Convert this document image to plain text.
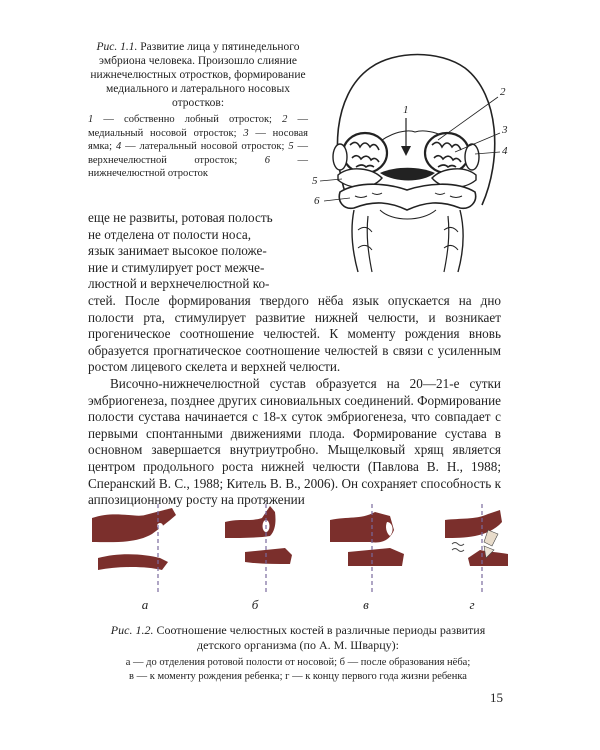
Рис. 1.1. Развитие лица у пятинедельного эмбриона человека. Произошло слияние нижнечелюстных отростков, формирование медиального и латерального носовых отростков:
1 — собственно лобный отросток; 2 — медиальный носовой отросток; 3 — носовая ямка; 4 — латеральный носовой отросток; 5 — верхнечелюстной отросток; 6 — нижнечелюстной отросток
1
2
3
4
5
6
еще не развиты, ротовая полость
не отделена от полости носа,
язык занимает высокое положе-
ние и стимулирует рост межче-
люстной и верхнечелюстной ко-

стей. После формирования твердого нёба язык опускается на дно полости рта, стимулирует развитие нижней челюсти, и возникает прогеническое соотношение челюстей. К моменту рождения вновь образуется прогнатическое соотношение челюстей в связи с усиленным ростом лицевого скелета и верхней челюсти.

Височно-нижнечелюстной сустав образуется на 20—21-е сутки эмбриогенеза, позднее других синовиальных соединений. Формирование полости сустава начинается с 18-х суток эмбриогенеза, что совпадает с первыми спонтанными движениями плода. Формирование сустава в основном завершается внутриутробно. Мыщелковый хрящ является центром продольного роста нижней челюсти (Павлова В. Н., 1988; Сперанский В. С., 1988; Китель В. В., 2006). Он сохраняет способность к аппозиционному росту на протяжении

а	б	в	г
Рис. 1.2. Соотношение челюстных костей в различные периоды развития детского организма (по А. М. Шварцу):
а — до отделения ротовой полости от носовой; б — после образования нёба;
в — к моменту рождения ребенка; г — к концу первого года жизни ребенка
15
